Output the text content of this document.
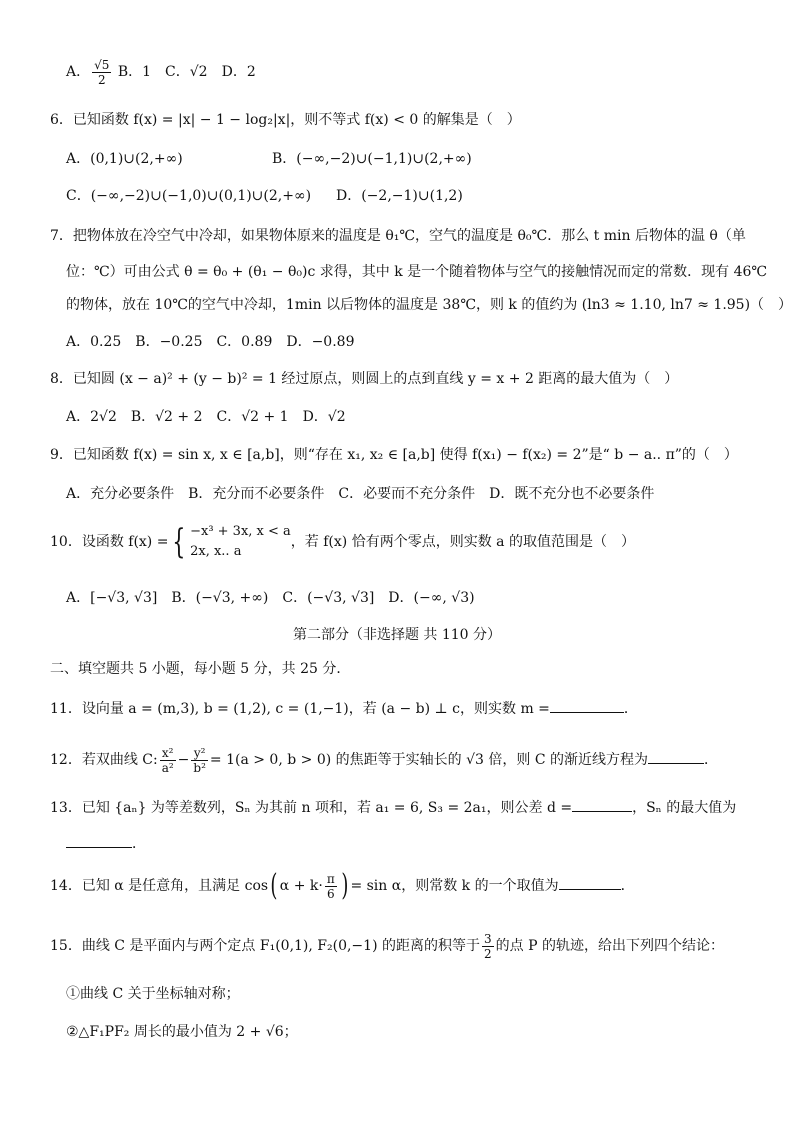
A． $\frac{√5}{2}$ B．1　C．√2　D．2
6．已知函数 f(x) = |x| − 1 − log₂|x|，则不等式 f(x) < 0 的解集是（　）
A．(0,1)∪(2,+∞)	B．(−∞,−2)∪(−1,1)∪(2,+∞)
C．(−∞,−2)∪(−1,0)∪(0,1)∪(2,+∞) D．(−2,−1)∪(1,2)
7．把物体放在冷空气中冷却，如果物体原来的温度是 θ₁℃，空气的温度是 θ₀℃．那么 t min 后物体的温 θ（单
位：℃）可由公式 θ = θ₀ + (θ₁ − θ₀)c 求得，其中 k 是一个随着物体与空气的接触情况而定的常数．现有 46℃
的物体，放在 10℃的空气中冷却，1min 以后物体的温度是 38℃，则 k 的值约为 (ln3 ≈ 1.10, ln7 ≈ 1.95)（　）
A．0.25　B．−0.25　C．0.89　D．−0.89
8．已知圆 (x − a)² + (y − b)² = 1 经过原点，则圆上的点到直线 y = x + 2 距离的最大值为（　）
A．2√2　B．√2 + 2　C．√2 + 1　D．√2
9．已知函数 f(x) = sin x, x ∈ [a,b]，则“存在 x₁, x₂ ∈ [a,b] 使得 f(x₁) − f(x₂) = 2”是“ b − a.. π”的（　）
A．充分必要条件　B．充分而不必要条件　C．必要而不充分条件　D．既不充分也不必要条件
10．设函数 f(x) = { −x³ + 3x, x < a
2x, x.. a
，若 f(x) 恰有两个零点，则实数 a 的取值范围是（　）
A．[−√3, √3]　B．(−√3, +∞)　C．(−√3, √3]　D．(−∞, √3)
第二部分（非选择题 共 110 分）
二、填空题共 5 小题，每小题 5 分，共 25 分．
11．设向量 a = (m,3), b = (1,2), c = (1,−1)，若 (a − b) ⊥ c，则实数 m =	．
12．若双曲线 C: $\frac{\text{x²}}{\text{a²}} - \frac{\text{y²}}{\text{b²}} = 1(a > 0$, b > 0) 的焦距等于实轴长的 √3 倍，则 C 的渐近线方程为	．
13．已知 {aₙ} 为等差数列，Sₙ 为其前 n 项和，若 a₁ = 6, S₃ = 2a₁，则公差 d =	，Sₙ 的最大值为
．
14．已知 α 是任意角，且满足 cos( $\alpha + k\cdot \frac{\pi}{6}$ ) = sin α，则常数 k 的一个取值为	．
15．曲线 C 是平面内与两个定点 F₁(0,1), F₂(0,−1) 的距离的积等于 $\frac{3}{2}$ 的点 P 的轨迹，给出下列四个结论：
①曲线 C 关于坐标轴对称；
②△F₁PF₂ 周长的最小值为 2 + √6；
